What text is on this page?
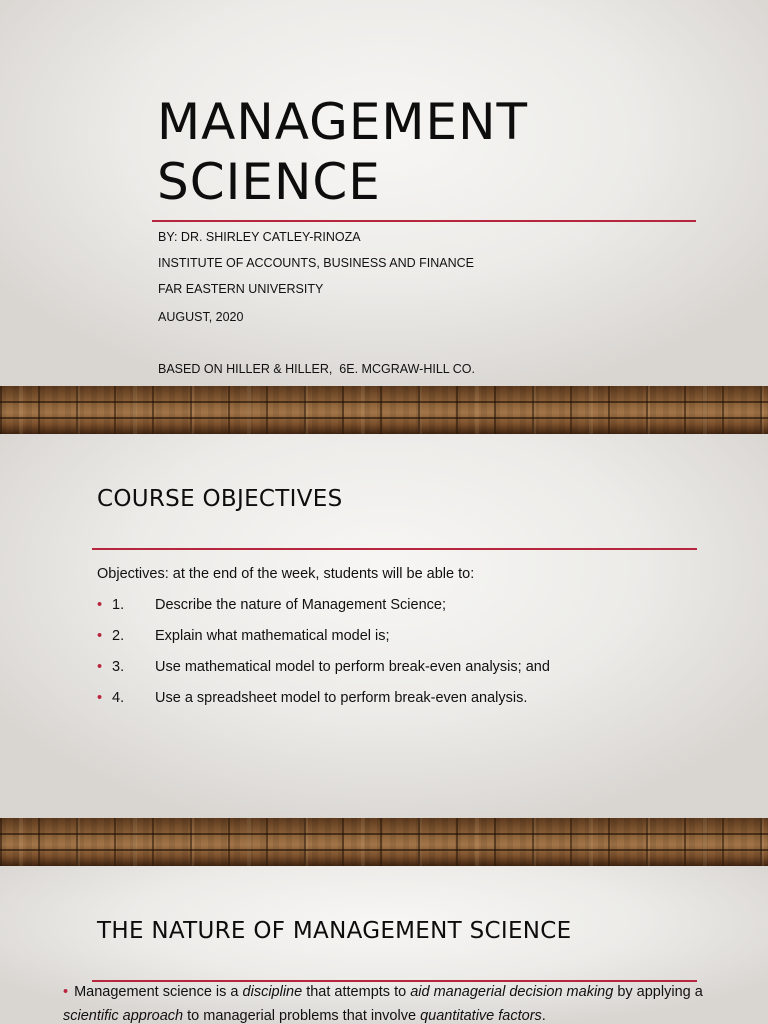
MANAGEMENT
SCIENCE
BY: DR. SHIRLEY CATLEY-RINOZA
INSTITUTE OF ACCOUNTS, BUSINESS AND FINANCE
FAR EASTERN UNIVERSITY
AUGUST, 2020
BASED ON HILLER & HILLER,  6E. MCGRAW-HILL CO.
COURSE OBJECTIVES
Objectives: at the end of the week, students will be able to:
• 1. Describe the nature of Management Science;
• 2. Explain what mathematical model is;
• 3. Use mathematical model to perform break-even analysis; and
• 4. Use a spreadsheet model to perform break-even analysis.
THE NATURE OF MANAGEMENT SCIENCE
• Management science is a discipline that attempts to aid managerial decision making by applying a scientific approach to managerial problems that involve quantitative factors.
